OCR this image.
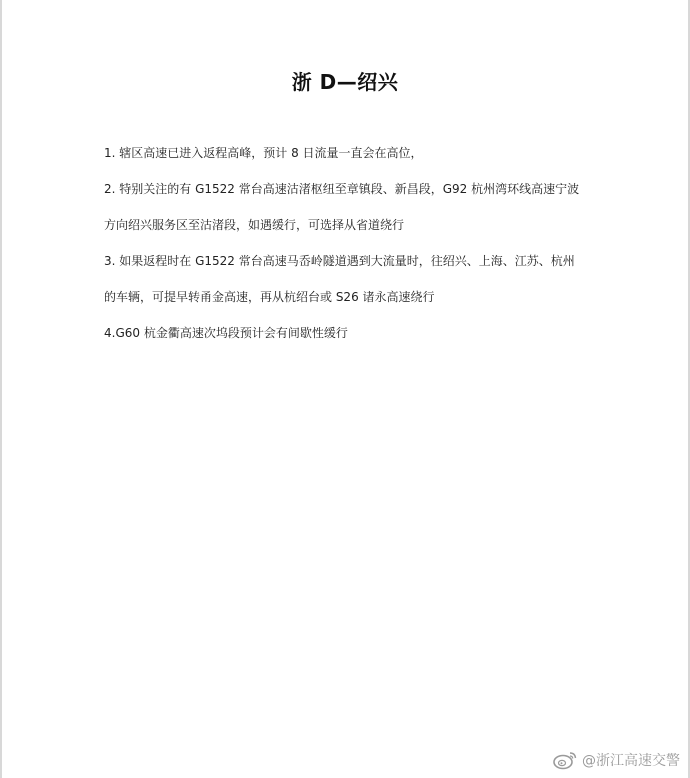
浙 D—绍兴
1. 辖区高速已进入返程高峰，预计 8 日流量一直会在高位，
2. 特别关注的有 G1522 常台高速沽渚枢纽至章镇段、新昌段，G92 杭州湾环线高速宁波
方向绍兴服务区至沽渚段，如遇缓行，可选择从省道绕行
3. 如果返程时在 G1522 常台高速马岙岭隧道遇到大流量时，往绍兴、上海、江苏、杭州
的车辆，可提早转甬金高速，再从杭绍台或 S26 诸永高速绕行
4.G60 杭金衢高速次坞段预计会有间歇性缓行
@浙江高速交警
